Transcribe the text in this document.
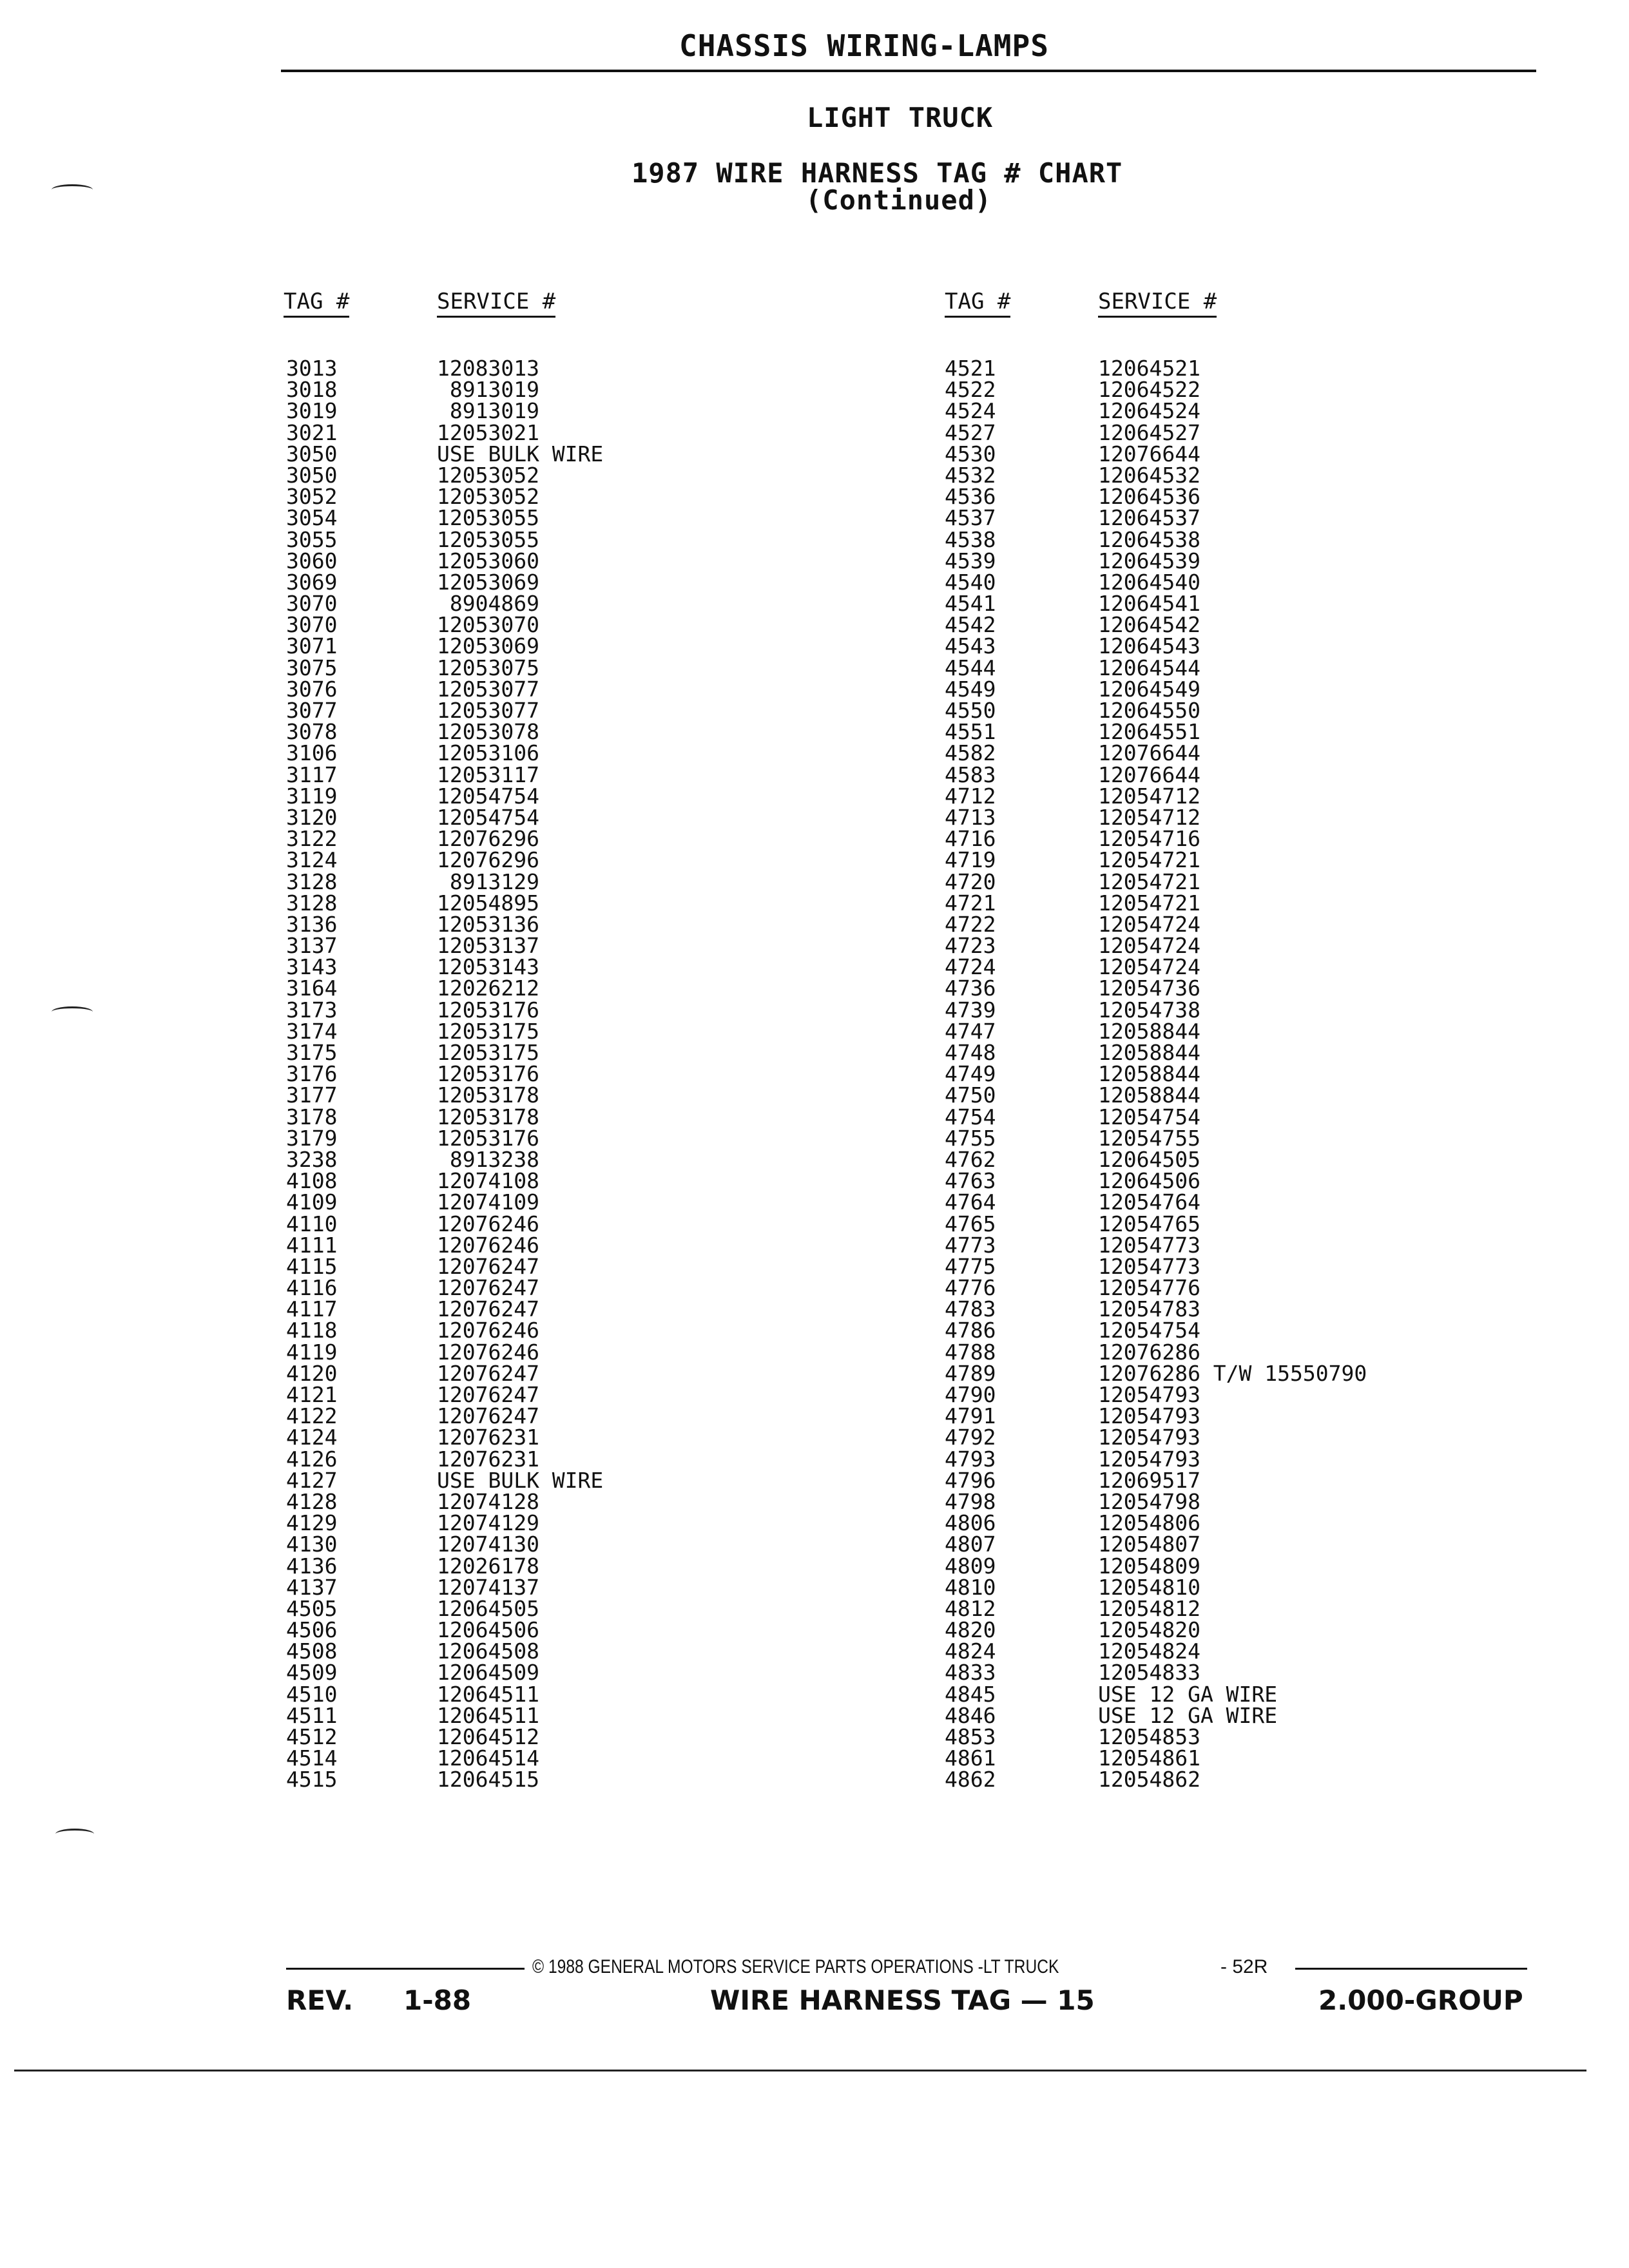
CHASSIS WIRING-LAMPS
LIGHT TRUCK
1987 WIRE HARNESS TAG # CHART
(Continued)
TAG #	SERVICE #	TAG #	SERVICE #
3013	12083013
3018	8913019
3019	8913019
3021	12053021
3050	USE BULK WIRE
3050	12053052
3052	12053052
3054	12053055
3055	12053055
3060	12053060
3069	12053069
3070	8904869
3070	12053070
3071	12053069
3075	12053075
3076	12053077
3077	12053077
3078	12053078
3106	12053106
3117	12053117
3119	12054754
3120	12054754
3122	12076296
3124	12076296
3128	8913129
3128	12054895
3136	12053136
3137	12053137
3143	12053143
3164	12026212
3173	12053176
3174	12053175
3175	12053175
3176	12053176
3177	12053178
3178	12053178
3179	12053176
3238	8913238
4108	12074108
4109	12074109
4110	12076246
4111	12076246
4115	12076247
4116	12076247
4117	12076247
4118	12076246
4119	12076246
4120	12076247
4121	12076247
4122	12076247
4124	12076231
4126	12076231
4127	USE BULK WIRE
4128	12074128
4129	12074129
4130	12074130
4136	12026178
4137	12074137
4505	12064505
4506	12064506
4508	12064508
4509	12064509
4510	12064511
4511	12064511
4512	12064512
4514	12064514
4515	12064515
4521	12064521
4522	12064522
4524	12064524
4527	12064527
4530	12076644
4532	12064532
4536	12064536
4537	12064537
4538	12064538
4539	12064539
4540	12064540
4541	12064541
4542	12064542
4543	12064543
4544	12064544
4549	12064549
4550	12064550
4551	12064551
4582	12076644
4583	12076644
4712	12054712
4713	12054712
4716	12054716
4719	12054721
4720	12054721
4721	12054721
4722	12054724
4723	12054724
4724	12054724
4736	12054736
4739	12054738
4747	12058844
4748	12058844
4749	12058844
4750	12058844
4754	12054754
4755	12054755
4762	12064505
4763	12064506
4764	12054764
4765	12054765
4773	12054773
4775	12054773
4776	12054776
4783	12054783
4786	12054754
4788	12076286
4789	12076286 T/W 15550790
4790	12054793
4791	12054793
4792	12054793
4793	12054793
4796	12069517
4798	12054798
4806	12054806
4807	12054807
4809	12054809
4810	12054810
4812	12054812
4820	12054820
4824	12054824
4833	12054833
4845	USE 12 GA WIRE
4846	USE 12 GA WIRE
4853	12054853
4861	12054861
4862	12054862
© 1988 GENERAL MOTORS SERVICE PARTS OPERATIONS -LT TRUCK	- 52R
REV. 1-88	WIRE HARNESS TAG — 15	2.000-GROUP
